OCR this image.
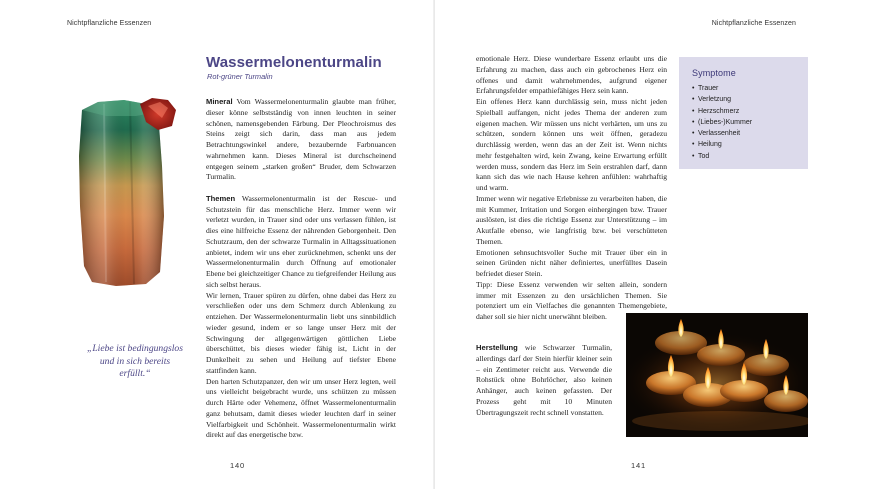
Nichtpflanzliche Essenzen
Wassermelonenturmalin
Rot-grüner Turmalin

Mineral Vom Wassermelonenturmalin glaubte man früher, dieser könne selbstständig von innen leuchten in seiner schönen, namensgebenden Färbung. Der Pleochroismus des Steins zeigt sich darin, dass man aus jedem Betrachtungswinkel andere, bezaubernde Farbnuancen wahrnehmen kann. Dieses Mineral ist durchscheinend entgegen seinem „starken großen“ Bruder, dem Schwarzen Turmalin.

Themen Wassermelonenturmalin ist der Rescue- und Schutzstein für das menschliche Herz. Immer wenn wir verletzt wurden, in Trauer sind oder uns verlassen fühlen, ist dies eine hilfreiche Essenz der nährenden Geborgenheit. Den Schutzraum, den der schwarze Turmalin in Alltagssituationen anbietet, indem wir uns eher zurücknehmen, schenkt uns der Wassermelonenturmalin durch Öffnung auf emotionaler Ebene bei gleichzeitiger Chance zu tiefgreifender Heilung aus sich selbst heraus.

Wir lernen, Trauer spüren zu dürfen, ohne dabei das Herz zu verschließen oder uns dem Schmerz durch Ablenkung zu entziehen. Der Wassermelonenturmalin liebt uns sinnbildlich wieder gesund, indem er so lange unser Herz mit der Schwingung der allgegenwärtigen göttlichen Liebe überschüttet, bis dieses wieder fähig ist, Licht in der Dunkelheit zu sehen und Heilung auf tiefster Ebene stattfinden kann.

Den harten Schutzpanzer, den wir um unser Herz legten, weil uns vielleicht beigebracht wurde, uns schützen zu müssen durch Härte oder Vehemenz, öffnet Wassermelonenturmalin ganz behutsam, damit dieses wieder leuchten darf in seiner Vielfarbigkeit und Schönheit. Wassermelonenturmalin wirkt direkt auf das energetische bzw.

„Liebe ist bedingungslos und in sich bereits erfüllt.“
140
Nichtpflanzliche Essenzen

emotionale Herz. Diese wunderbare Essenz erlaubt uns die Erfahrung zu machen, dass auch ein gebrochenes Herz ein offenes und damit wahrnehmendes, aufgrund eigener Erfahrungsfelder empathiefähiges Herz sein kann.

Ein offenes Herz kann durchlässig sein, muss nicht jeden Spielball auffangen, nicht jedes Thema der anderen zum eigenen machen. Wir müssen uns nicht verhärten, um uns zu schützen, sondern können uns weit öffnen, geradezu durchlässig werden, wenn das an der Zeit ist. Wenn nichts mehr festgehalten wird, kein Zwang, keine Erwartung erfüllt werden muss, sondern das Herz im Sein erstrahlen darf, dann kann sich das wie nach Hause kehren anfühlen: wahrhaftig und warm.

Immer wenn wir negative Erlebnisse zu verarbeiten haben, die mit Kummer, Irritation und Sorgen einhergingen bzw. Trauer auslösten, ist dies die richtige Essenz zur Unterstützung – im Akutfalle ebenso, wie langfristig bzw. bei verschütteten Themen.

Emotionen sehnsuchtsvoller Suche mit Trauer über ein in seinen Gründen nicht näher definiertes, unerfülltes Dasein befriedet dieser Stein.

Tipp: Diese Essenz verwenden wir selten allein, sondern immer mit Essenzen zu den ursächlichen Themen. Sie potenziert um ein Vielfaches die genannten Themengebiete, daher soll sie hier nicht unerwähnt bleiben.

Herstellung wie Schwarzer Turmalin, allerdings darf der Stein hierfür kleiner sein – ein Zentimeter reicht aus. Verwende die Rohstück ohne Bohrlöcher, also keinen Anhänger, auch keinen gefassten. Der Prozess geht mit 10 Minuten Übertragungszeit recht schnell vonstatten.

Symptome
• Trauer
• Verletzung
• Herzschmerz
• (Liebes-)Kummer
• Verlassenheit
• Heilung
• Tod
141
